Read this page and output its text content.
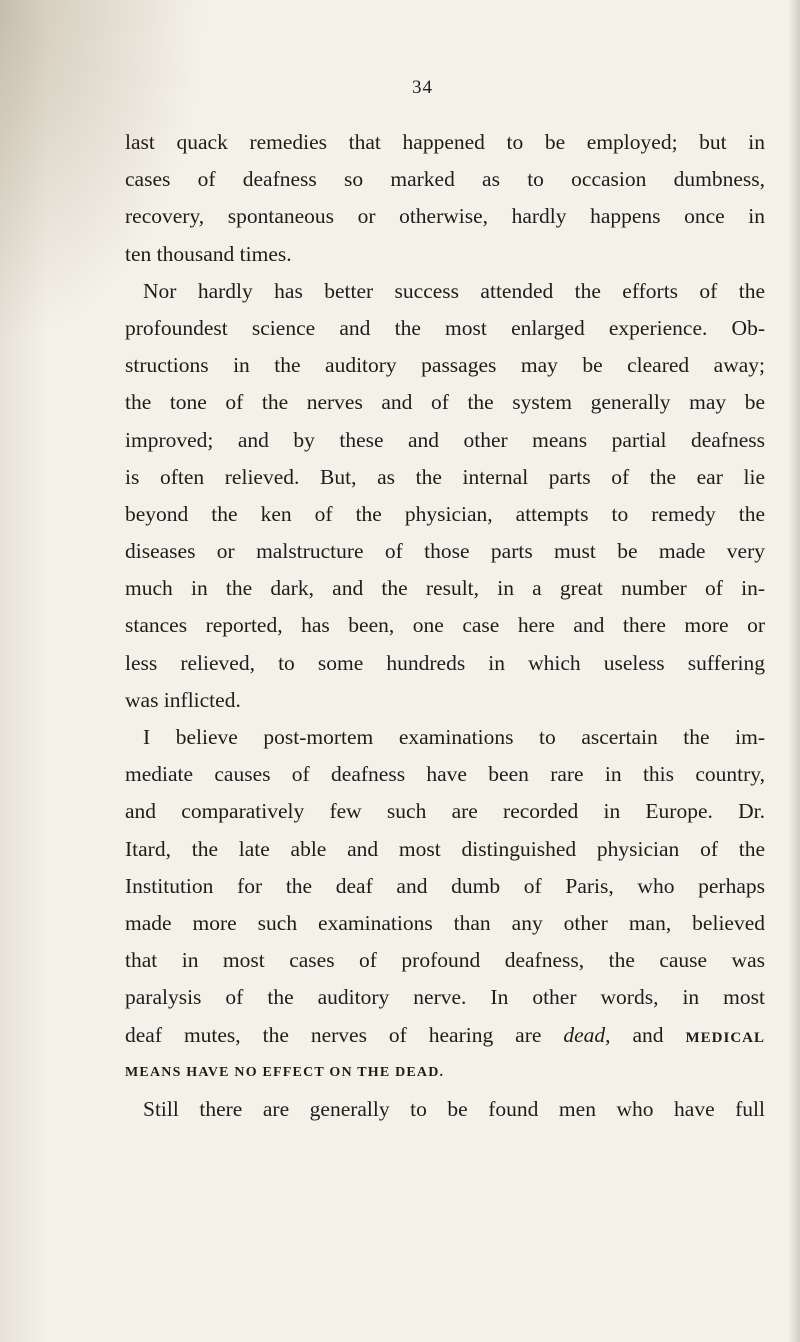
34
last quack remedies that happened to be employed; but in
cases of deafness so marked as to occasion dumbness,
recovery, spontaneous or otherwise, hardly happens once in
ten thousand times.
Nor hardly has better success attended the efforts of the
profoundest science and the most enlarged experience. Ob-
structions in the auditory passages may be cleared away;
the tone of the nerves and of the system generally may be
improved; and by these and other means partial deafness
is often relieved. But, as the internal parts of the ear lie
beyond the ken of the physician, attempts to remedy the
diseases or malstructure of those parts must be made very
much in the dark, and the result, in a great number of in-
stances reported, has been, one case here and there more or
less relieved, to some hundreds in which useless suffering
was inflicted.
I believe post-mortem examinations to ascertain the im-
mediate causes of deafness have been rare in this country,
and comparatively few such are recorded in Europe. Dr.
Itard, the late able and most distinguished physician of the
Institution for the deaf and dumb of Paris, who perhaps
made more such examinations than any other man, believed
that in most cases of profound deafness, the cause was
paralysis of the auditory nerve. In other words, in most
deaf mutes, the nerves of hearing are dead, and MEDICAL
MEANS HAVE NO EFFECT ON THE DEAD.
Still there are generally to be found men who have full
